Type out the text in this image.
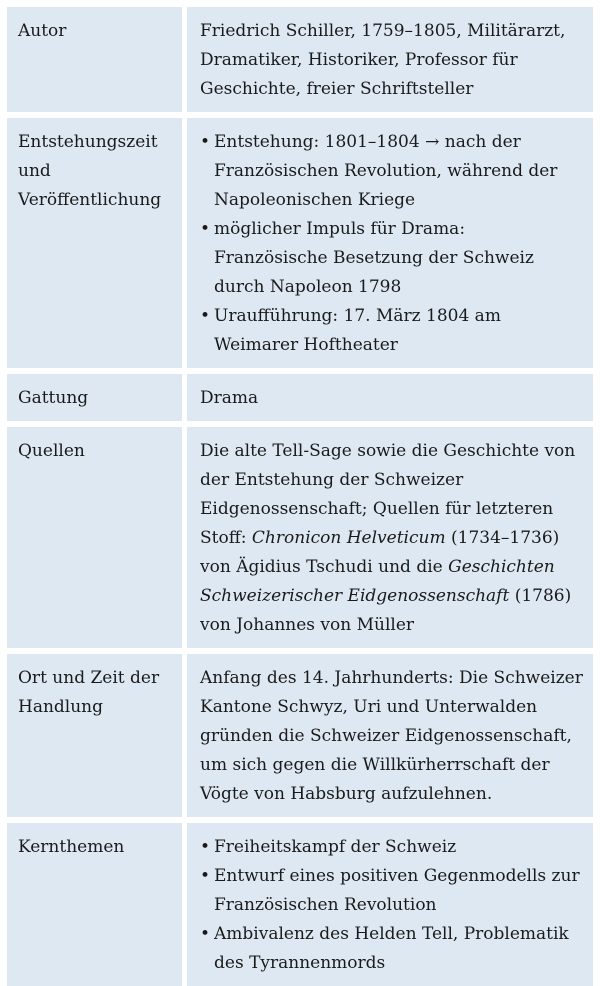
Autor	Friedrich Schiller, 1759–1805, Militärarzt, Dramatiker, Historiker, Professor für Geschichte, freier Schriftsteller

Entstehungszeit und Veröffentlichung
• Entstehung: 1801–1804 → nach der Französischen Revolution, während der Napoleonischen Kriege
• möglicher Impuls für Drama: Französische Besetzung der Schweiz durch Napoleon 1798
• Uraufführung: 17. März 1804 am Weimarer Hoftheater
Gattung	Drama

Quellen	Die alte Tell-Sage sowie die Geschichte von der Entstehung der Schweizer Eidgenossenschaft; Quellen für letzteren Stoff: Chronicon Helveticum (1734–1736) von Ägidius Tschudi und die Geschichten Schweizerischer Eidgenossenschaft (1786) von Johannes von Müller

Ort und Zeit der Handlung

Anfang des 14. Jahrhunderts: Die Schweizer Kantone Schwyz, Uri und Unterwalden gründen die Schweizer Eidgenossenschaft, um sich gegen die Willkürherrschaft der Vögte von Habsburg aufzulehnen.

Kernthemen
•	Freiheitskampf der Schweiz
• Entwurf eines positiven Gegenmodells zur Französischen Revolution
• Ambivalenz des Helden Tell, Problematik des Tyrannenmords
